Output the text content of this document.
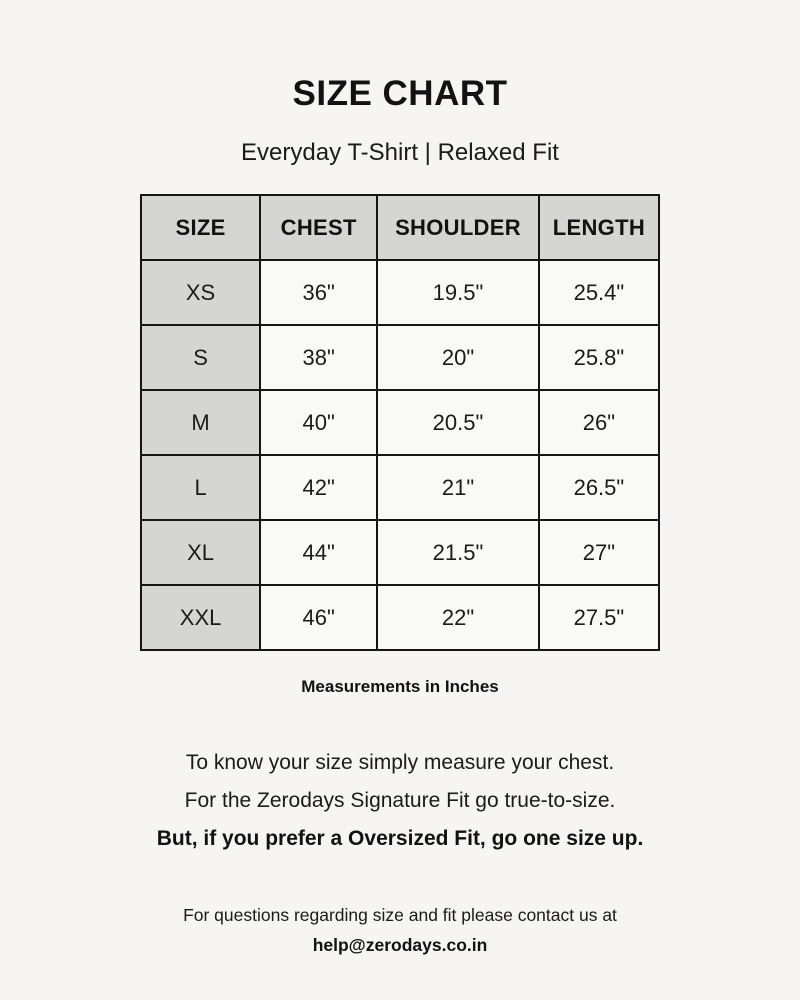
SIZE CHART
Everyday T-Shirt | Relaxed Fit
SIZE	CHEST	SHOULDER	LENGTH
XS	36"	19.5"	25.4"
S	38"	20"	25.8"
M	40"	20.5"	26"
L	42"	21"	26.5"
XL	44"	21.5"	27"
XXL	46"	22"	27.5"
Measurements in Inches
To know your size simply measure your chest.
For the Zerodays Signature Fit go true-to-size.
But, if you prefer a Oversized Fit, go one size up.
For questions regarding size and fit please contact us at
help@zerodays.co.in
